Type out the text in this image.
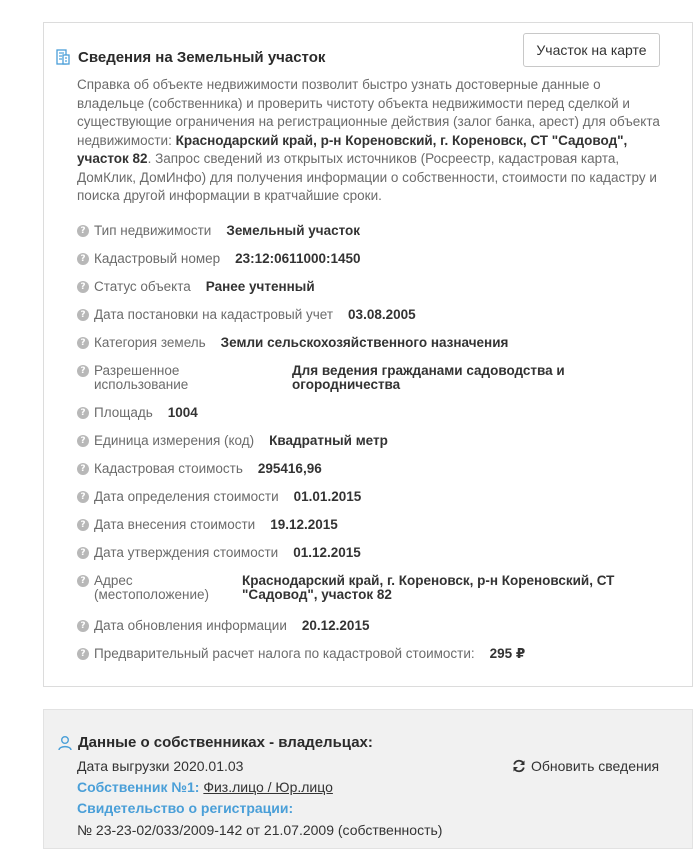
Сведения на Земельный участок	Участок на карте
Справка об объекте недвижимости позволит быстро узнать достоверные данные о владельце (собственника) и проверить чистоту объекта недвижимости перед сделкой и существующие ограничения на регистрационные действия (залог банка, арест) для объекта недвижимости: Краснодарский край, р-н Кореновский, г. Кореновск, СТ "Садовод", участок 82. Запрос сведений из открытых источников (Росреестр, кадастровая карта, ДомКлик, ДомИнфо) для получения информации о собственности, стоимости по кадастру и поиска другой информации в кратчайшие сроки.
? Тип недвижимости Земельный участок
? Кадастровый номер 23:12:0611000:1450
? Статус объекта Ранее учтенный
? Дата постановки на кадастровый учет 03.08.2005
? Категория земель Земли сельскохозяйственного назначения
? Разрешенное использование
Для ведения гражданами садоводства и огородничества
? Площадь 1004
? Единица измерения (код) Квадратный метр
? Кадастровая стоимость 295416,96
? Дата определения стоимости 01.01.2015
? Дата внесения стоимости 19.12.2015
? Дата утверждения стоимости 01.12.2015
? Адрес (местоположение)
Краснодарский край, г. Кореновск, р-н Кореновский, СТ "Садовод", участок 82
? Дата обновления информации 20.12.2015
? Предварительный расчет налога по кадастровой стоимости: 295 ₽
Данные о собственниках - владельцах:
Дата выгрузки 2020.01.03	Обновить сведения
Собственник №1: Физ.лицо / Юр.лицо
Свидетельство о регистрации:
№ 23-23-02/033/2009-142 от 21.07.2009 (собственность)
